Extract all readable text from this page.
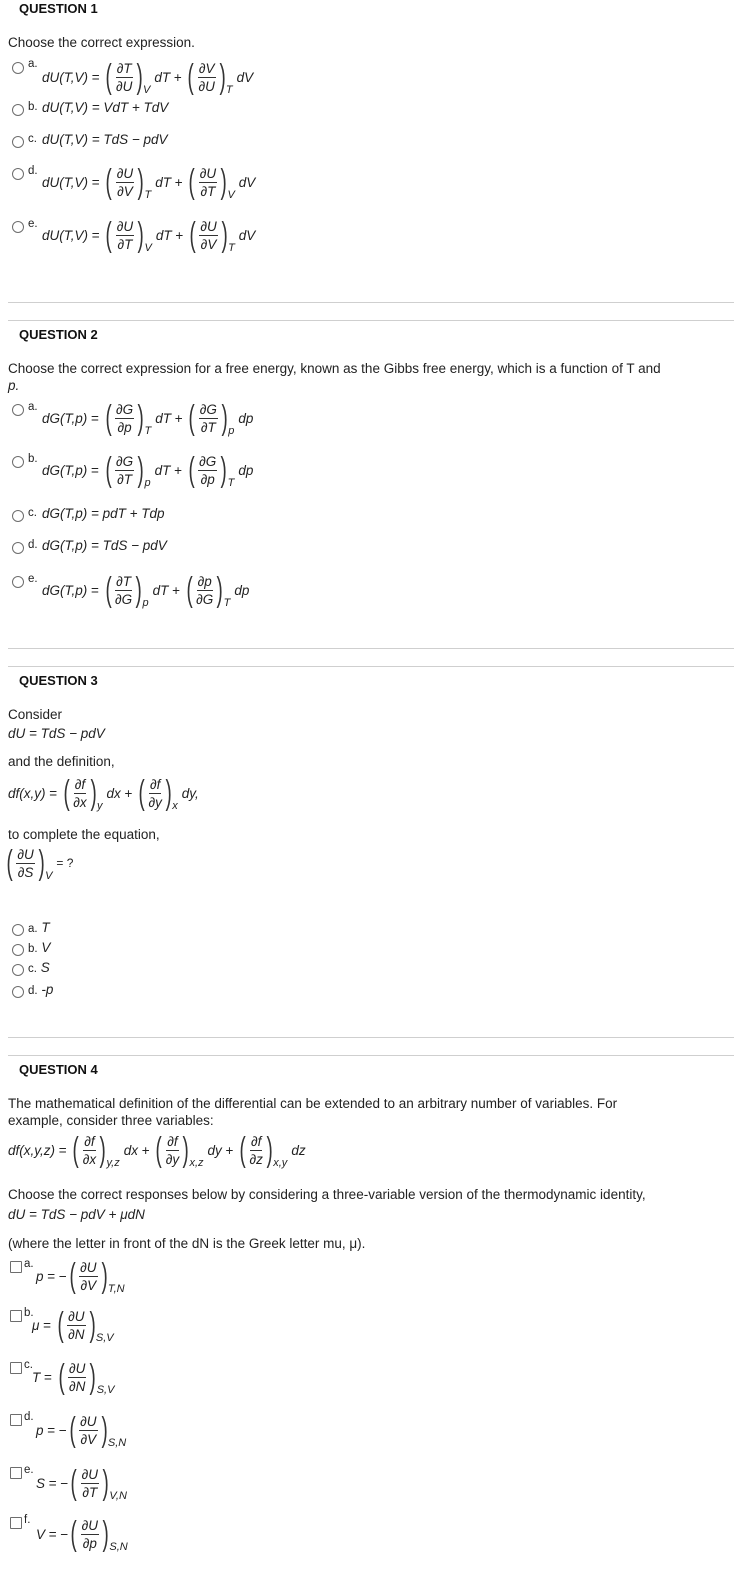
QUESTION 1
Choose the correct expression.
a.
dU(T,V) = ( $\frac{\partial T}{\partial U}$ ) V
dT + ( $\frac{\partial V}{\partial U}$ ) T
dV
b. dU(T,V) = VdT + TdV
c. dU(T,V) = TdS − pdV
d.
dU(T,V) = ( $\frac{\partial U}{\partial V}$ ) T
dT + ( $\frac{\partial U}{\partial T}$ ) V
dV
e.
dU(T,V) = ( $\frac{\partial U}{\partial T}$ ) V
dT + ( $\frac{\partial U}{\partial V}$ ) T
dV
QUESTION 2
Choose the correct expression for a free energy, known as the Gibbs free energy, which is a function of T and
p.
a.
dG(T,p) = ( $\frac{\partial G}{\partial p}$ ) T
dT + ( $\frac{\partial G}{\partial T}$ ) p
dp
b.
dG(T,p) = ( $\frac{\partial G}{\partial T}$ ) p
dT + ( $\frac{\partial G}{\partial p}$ ) T
dp
c. dG(T,p) = pdT + Tdp
d. dG(T,p) = TdS − pdV
e.
dG(T,p) = ( $\frac{\partial T}{\partial G}$ ) p
dT + ( $\frac{\partial p}{\partial G}$ ) T
dp
QUESTION 3
Consider
dU = TdS − pdV
and the definition,
df(x,y) = ( $\frac{\partial f}{\partial x}$ ) y
dx + ( $\frac{\partial f}{\partial y}$ ) x
dy,
to complete the equation,
( $\frac{\partial U}{\partial S}$ ) V
= ?
a. T
b. V
c. S
d. -p
QUESTION 4
The mathematical definition of the differential can be extended to an arbitrary number of variables. For
example, consider three variables:
df(x,y,z) = ( $\frac{\partial f}{\partial x}$ ) y,z
dx + ( $\frac{\partial f}{\partial y}$ ) x,z
dy + ( $\frac{\partial f}{\partial z}$ ) x,y
dz
Choose the correct responses below by considering a three-variable version of the thermodynamic identity,
dU = TdS − pdV + μdN
(where the letter in front of the dN is the Greek letter mu, μ).
a.
p = − ( $\frac{\partial U}{\partial V}$ ) T,N
b.
μ = ( $\frac{\partial U}{\partial N}$ ) S,V
c.
T = ( $\frac{\partial U}{\partial N}$ ) S,V
d.
p = − ( $\frac{\partial U}{\partial V}$ ) S,N
e.
S = − ( $\frac{\partial U}{\partial T}$ ) V,N
f.
V = − ( $\frac{\partial U}{\partial p}$ ) S,N
